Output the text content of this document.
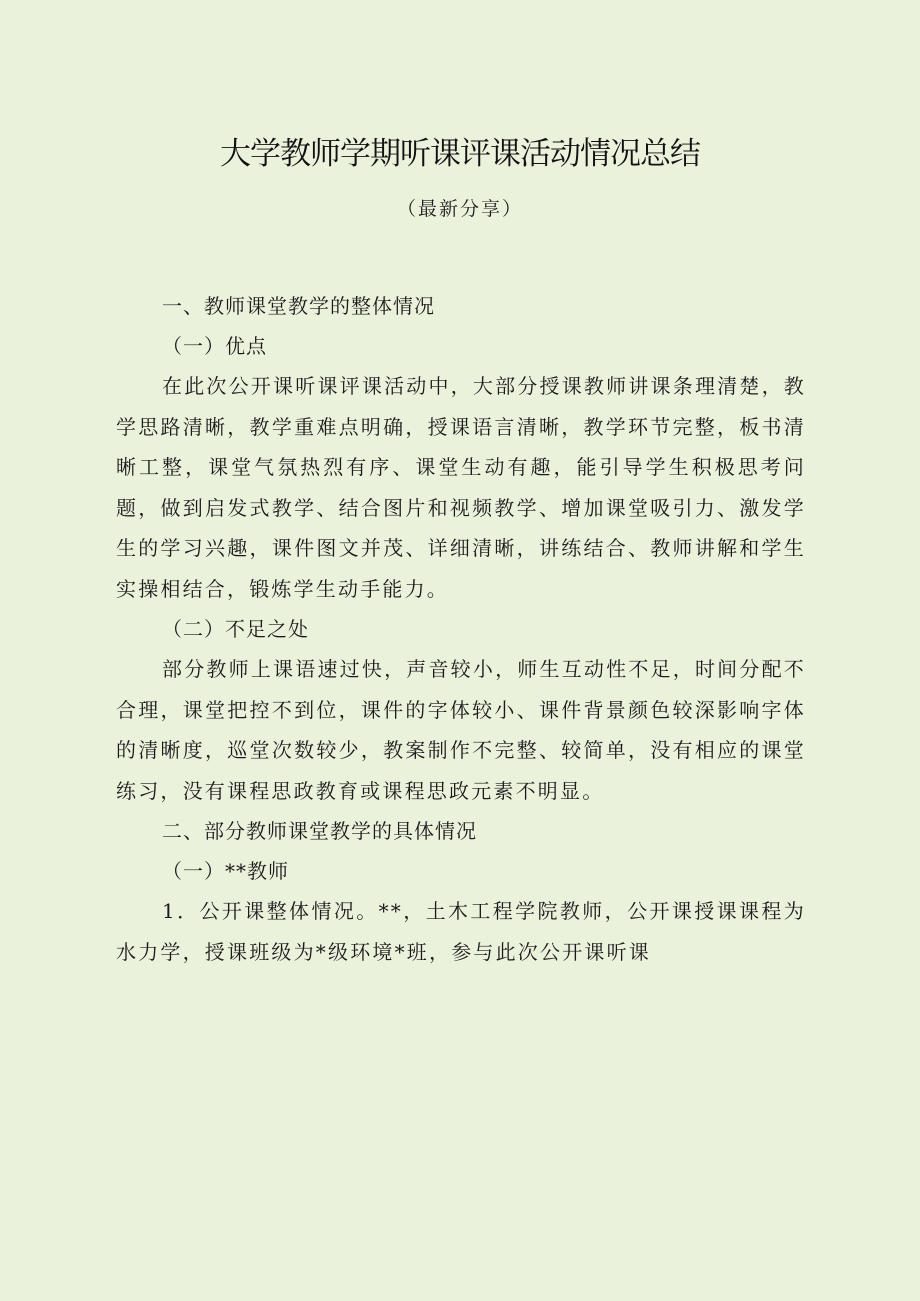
大学教师学期听课评课活动情况总结
（最新分享）
一、教师课堂教学的整体情况
（一）优点

在此次公开课听课评课活动中，大部分授课教师讲课条理清楚，教学思路清晰，教学重难点明确，授课语言清晰，教学环节完整，板书清晰工整，课堂气氛热烈有序、课堂生动有趣，能引导学生积极思考问题，做到启发式教学、结合图片和视频教学、增加课堂吸引力、激发学生的学习兴趣，课件图文并茂、详细清晰，讲练结合、教师讲解和学生实操相结合，锻炼学生动手能力。

（二）不足之处

部分教师上课语速过快，声音较小，师生互动性不足，时间分配不合理，课堂把控不到位，课件的字体较小、课件背景颜色较深影响字体的清晰度，巡堂次数较少，教案制作不完整、较简单，没有相应的课堂练习，没有课程思政教育或课程思政元素不明显。

二、部分教师课堂教学的具体情况
（一）**教师

1．公开课整体情况。**，土木工程学院教师，公开课授课课程为水力学，授课班级为*级环境*班，参与此次公开课听课
